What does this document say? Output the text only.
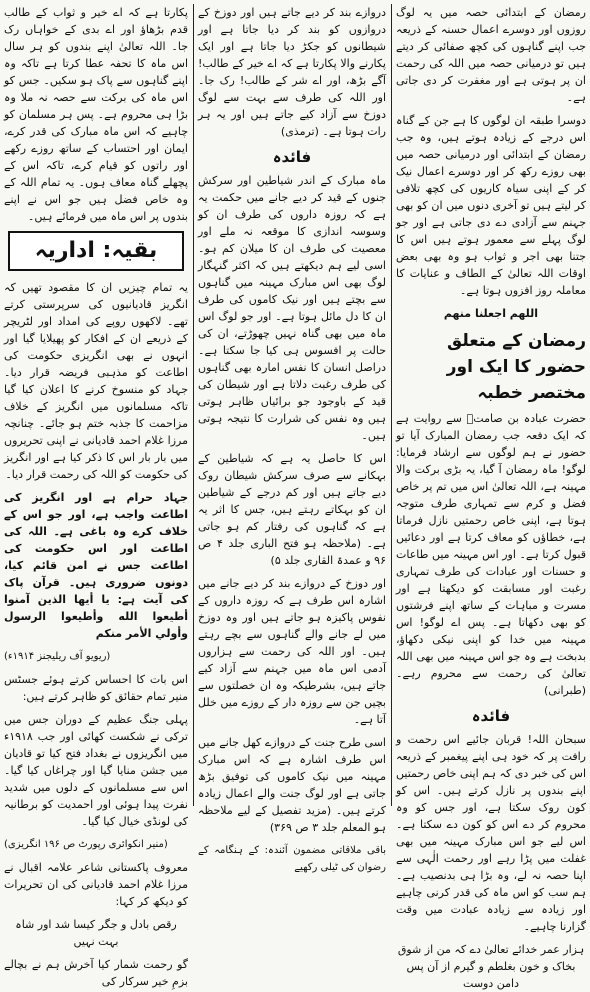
رمضان کے ابتدائی حصہ میں یہ لوگ روزوں اور دوسرے اعمال حسنہ کے ذریعہ جب اپنے گناہوں کی کچھ صفائی کر دیتے ہیں تو درمیانی حصہ میں اللہ کی رحمت ان پر ہوتی ہے اور مغفرت کر دی جاتی ہے۔

دوسرا طبقہ ان لوگوں کا ہے جن کے گناہ اس درجے کے زیادہ ہوتے ہیں، وہ جب رمضان کے ابتدائی اور درمیانی حصہ میں بھی روزے رکھ کر اور دوسرے اعمال نیک کر کے اپنی سیاہ کاریوں کی کچھ تلافی کر لیتے ہیں تو آخری دنوں میں ان کو بھی جہنم سے آزادی دے دی جاتی ہے اور جو لوگ پہلے سے معمور ہوتے ہیں اس کا جتنا بھی اجر و ثواب ہو وہ بھی بعض اوقات اللہ تعالیٰ کے الطاف و عنایات کا معاملہ روز افزوں ہوتا ہے۔

اللھم اجعلنا منھم

رمضان کے متعلق حضور کا ایک اور مختصر خطبہ

حضرت عبادہ بن صامتؓ سے روایت ہے کہ ایک دفعہ جب رمضان المبارک آیا تو حضور نے ہم لوگوں سے ارشاد فرمایا: لوگو! ماہ رمضان آ گیا، یہ بڑی برکت والا مہینہ ہے، اللہ تعالیٰ اس میں تم پر خاص فضل و کرم سے تمہاری طرف متوجہ ہوتا ہے، اپنی خاص رحمتیں نازل فرماتا ہے، خطاؤں کو معاف کرتا ہے اور دعائیں قبول کرتا ہے۔ اور اس مہینہ میں طاعات و حسنات اور عبادات کی طرف تمہاری رغبت اور مسابقت کو دیکھتا ہے اور مسرت و مباہات کے ساتھ اپنے فرشتوں کو بھی دکھاتا ہے۔ پس اے لوگو! اس مہینہ میں خدا کو اپنی نیکی دکھاؤ، بدبخت ہے وہ جو اس مہینہ میں بھی اللہ تعالیٰ کی رحمت سے محروم رہے۔ (طبرانی)

فائدہ

سبحان اللہ! قربان جائیے اس رحمت و رافت پر کہ خود ہی اپنے پیغمبر کے ذریعہ اس کی خبر دی کہ ہم اپنی خاص رحمتیں اپنے بندوں پر نازل کرتے ہیں۔ اس کو کون روک سکتا ہے، اور جس کو وہ محروم کر دے اس کو کون دے سکتا ہے۔ اس لیے جو اس مبارک مہینہ میں بھی غفلت میں پڑا رہے اور رحمت الٰہی سے اپنا حصہ نہ لے، وہ بڑا ہی بدنصیب ہے۔ ہم سب کو اس ماہ کی قدر کرنی چاہیے اور زیادہ سے زیادہ عبادت میں وقت گزارنا چاہیے۔

ہزار عمر خدائے تعالیٰ دے کہ من از شوق بخاک و خون بغلطم و گیرم از آن پس دامن دوست

دروازے بند کر دیے جاتے ہیں اور دوزخ کے دروازوں کو بند کر دیا جاتا ہے اور شیطانوں کو جکڑ دیا جاتا ہے اور ایک پکارنے والا پکارتا ہے کہ اے خیر کے طالب! آگے بڑھ، اور اے شر کے طالب! رک جا۔ اور اللہ کی طرف سے بہت سے لوگ دوزخ سے آزاد کیے جاتے ہیں اور یہ ہر رات ہوتا ہے۔ (ترمذی)

فائدہ

ماہ مبارک کے اندر شیاطین اور سرکش جنوں کے قید کر دیے جانے میں حکمت یہ ہے کہ روزہ داروں کی طرف ان کو وسوسہ اندازی کا موقعہ نہ ملے اور معصیت کی طرف ان کا میلان کم ہو۔ اسی لیے ہم دیکھتے ہیں کہ اکثر گنہگار لوگ بھی اس مبارک مہینہ میں گناہوں سے بچتے ہیں اور نیک کاموں کی طرف ان کا دل مائل ہوتا ہے۔ اور جو لوگ اس ماہ میں بھی گناہ نہیں چھوڑتے، ان کی حالت پر افسوس ہی کیا جا سکتا ہے۔ دراصل انسان کا نفس امارہ بھی گناہوں کی طرف رغبت دلاتا ہے اور شیطان کی قید کے باوجود جو برائیاں ظاہر ہوتی ہیں وہ نفس کی شرارت کا نتیجہ ہوتی ہیں۔

اس کا حاصل یہ ہے کہ شیاطین کے بہکانے سے صرف سرکش شیطان روک دیے جاتے ہیں اور کم درجے کے شیاطین ان کو بہکاتے رہتے ہیں، جس کا اثر یہ ہے کہ گناہوں کی رفتار کم ہو جاتی ہے۔ (ملاحظہ ہو فتح الباری جلد ۴ ص ۹۶ و عمدۃ القاری جلد ۵)

اور دوزخ کے دروازے بند کر دیے جانے میں اشارہ اس طرف ہے کہ روزہ داروں کے نفوس پاکیزہ ہو جاتے ہیں اور وہ دوزخ میں لے جانے والے گناہوں سے بچے رہتے ہیں۔ اور اللہ کی رحمت سے ہزاروں آدمی اس ماہ میں جہنم سے آزاد کیے جاتے ہیں، بشرطیکہ وہ ان خصلتوں سے بچیں جن سے روزہ دار کے روزے میں خلل آتا ہے۔

اسی طرح جنت کے دروازے کھل جانے میں اس طرف اشارہ ہے کہ اس مبارک مہینہ میں نیک کاموں کی توفیق بڑھ جاتی ہے اور لوگ جنت والے اعمال زیادہ کرتے ہیں۔ (مزید تفصیل کے لیے ملاحظہ ہو المعلم جلد ۳ ص ۳۶۹)

باقی ملاقاتی مضمون آئندہ: کے ہنگامہ کے رضوان کی ٹیلی رکھیے

پکارتا ہے کہ اے خیر و ثواب کے طالب قدم بڑھاؤ اور اے بدی کے خواہاں رک جا۔ اللہ تعالیٰ اپنے بندوں کو ہر سال اس ماہ کا تحفہ عطا کرتا ہے تاکہ وہ اپنے گناہوں سے پاک ہو سکیں۔ جس کو اس ماہ کی برکت سے حصہ نہ ملا وہ بڑا ہی محروم ہے۔ پس ہر مسلمان کو چاہیے کہ اس ماہ مبارک کی قدر کرے، ایمان اور احتساب کے ساتھ روزے رکھے اور راتوں کو قیام کرے، تاکہ اس کے پچھلے گناہ معاف ہوں۔ یہ تمام اللہ کے وہ خاص فضل ہیں جو اس نے اپنے بندوں پر اس ماہ میں فرمائے ہیں۔

بقیہ: اداریہ

یہ تمام چیزیں ان کا مقصود تھیں کہ انگریز قادیانیوں کی سرپرستی کرتے تھے۔ لاکھوں روپے کی امداد اور لٹریچر کے ذریعے ان کے افکار کو پھیلایا گیا اور انہوں نے بھی انگریزی حکومت کی اطاعت کو مذہبی فریضہ قرار دیا۔ جہاد کو منسوخ کرنے کا اعلان کیا گیا تاکہ مسلمانوں میں انگریز کے خلاف مزاحمت کا جذبہ ختم ہو جائے۔ چنانچہ مرزا غلام احمد قادیانی نے اپنی تحریروں میں بار بار اس کا ذکر کیا ہے اور انگریز کی حکومت کو اللہ کی رحمت قرار دیا۔

جہاد حرام ہے اور انگریز کی اطاعت واجب ہے، اور جو اس کے خلاف کرے وہ باغی ہے۔ اللہ کی اطاعت اور اس حکومت کی اطاعت جس نے امن قائم کیا، دونوں ضروری ہیں۔ قرآن پاک کی آیت ہے: يا أيها الذين آمنوا أطيعوا الله وأطيعوا الرسول وأولي الأمر منكم

(ریویو آف ریلیجنز ۱۹۱۴ء)

اس بات کا احساس کرتے ہوئے جسٹس منیر تمام حقائق کو ظاہر کرتے ہیں:

پہلی جنگ عظیم کے دوران جس میں ترکی نے شکست کھائی اور جب ۱۹۱۸ء میں انگریزوں نے بغداد فتح کیا تو قادیان میں جشن منایا گیا اور چراغاں کیا گیا۔ اس سے مسلمانوں کے دلوں میں شدید نفرت پیدا ہوئی اور احمدیت کو برطانیہ کی لونڈی خیال کیا گیا۔

(منیر انکوائری رپورٹ ص ۱۹۶ انگریزی)

معروف پاکستانی شاعر علامہ اقبال نے مرزا غلام احمد قادیانی کی ان تحریرات کو دیکھ کر کہا:

رقص بادل و جگر کیسا شد اور شاہ بہت نہیں

گو رحمت شمار کیا آخرش ہم نے بچالے بزمِ خیر سرکار کی
